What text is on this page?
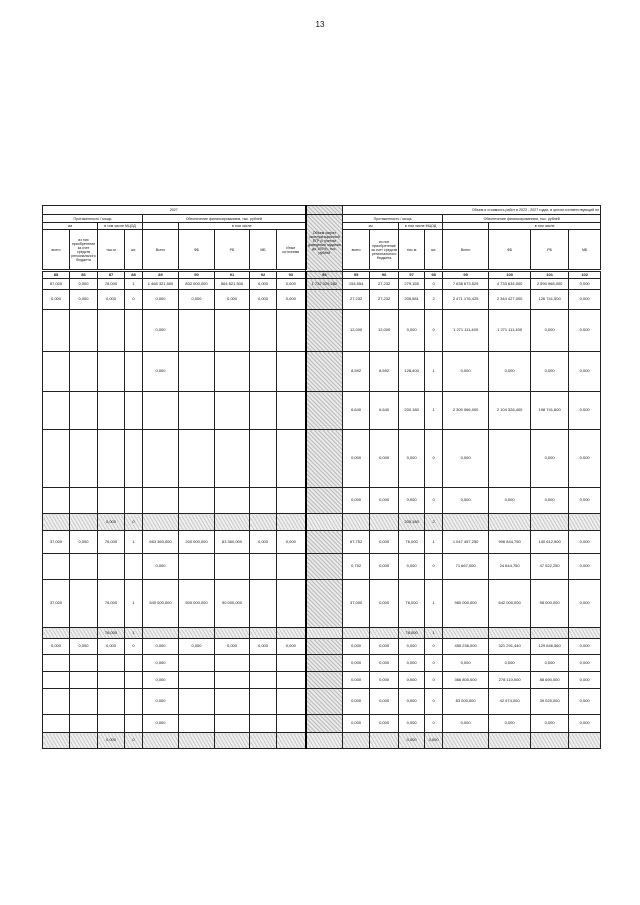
13
2027										Объем и стоимость работ в 2023 - 2027 годах, в целом соответствующий пл							
Протяженность / мощь				Обеспечение финансированием, тыс. рублей					Объем затрат эксплуатационной ЕП* (с учетом доведения задания до 100%), тыс. рублей	Протяженность / мощь				Обеспечение финансированием, тыс. рублей			
км		в том числе МЦОД			в том числе					км		в том числе МЦОД			в том числе		
всего	из них приобретение за счет средств регионального бюджета	тыс.м	шт.	Всего	ФБ	РБ	МБ	Иные источники		всего	из них приобретение за счет средств регионального бюджета	тыс.м	шт.	Всего	ФБ	РБ	МБ

85	86	87	88	89	90	91	92	93	94	95	96	97	98	99	100	101	102
87,000	0,000	76,000	1	1 468 321,500	832 000,000	564 821,500	0,000	0,000	1 732 029,282	154,554	27,232	279,155	0	7 638 673,529	4 733 634,000	2 590 968,000	0,000
0,000	0,000	0,000	0	0,000	0,000	0,000	0,000	0,000		27,232	27,232	205,581	2	2 471 176,425	2 344 427,000	126 741,500	0,000
				0,000						12,000	12,000	0,000	0	1 271 111,400	1 271 111,400	0,000	0,000
				0,000						8,592	8,592	128,400	1	0,000	0,000	0,000	0,000
										6,640	6,640	200,180	1	2 300 066,000	2 104 328,400	198 741,600	0,000
										0,000	0,000	0,000	0	0,000		0,000	0,000
										0,000	0,000	0,000	0	0,000	0,000	0,000	0,000
		0,000	0									205,180	2				
37,000	0,000	76,000	1	663 360,000	200 000,000	83 360,000	0,000	0,000		67,752	0,000	76,000	1	1 047 457,250	906 844,750	140 612,500	0,000
				0,000						0,752	0,000	0,000	0	71 667,000	24 644,750	47 022,250	0,000
37,000		76,000	1	540 000,000	500 000,000	90 000,000				37,000	0,000	76,000	1	960 000,000	642 000,000	98 000,000	0,000
		76,000	1									76,000	1				
0,000	0,000	0,000	0	0,000	0,000	0,000	0,000	0,000		0,000	0,000	0,000	0	450 236,000	321 291,440	129 646,560	0,000
				0,000						0,000	0,000	0,000	0	0,000	0,000	0,000	0,000
				0,000						0,000	0,000	0,000	0	366 800,000	278 110,000	88 690,000	0,000
				0,000						0,000	0,000	0,000	0	83 000,000	42 974,000	39 025,000	0,000
				0,000						0,000	0,000	0,000	0	0,000	0,000	0,000	0,000
		0,000	0									0,000	0,000				
